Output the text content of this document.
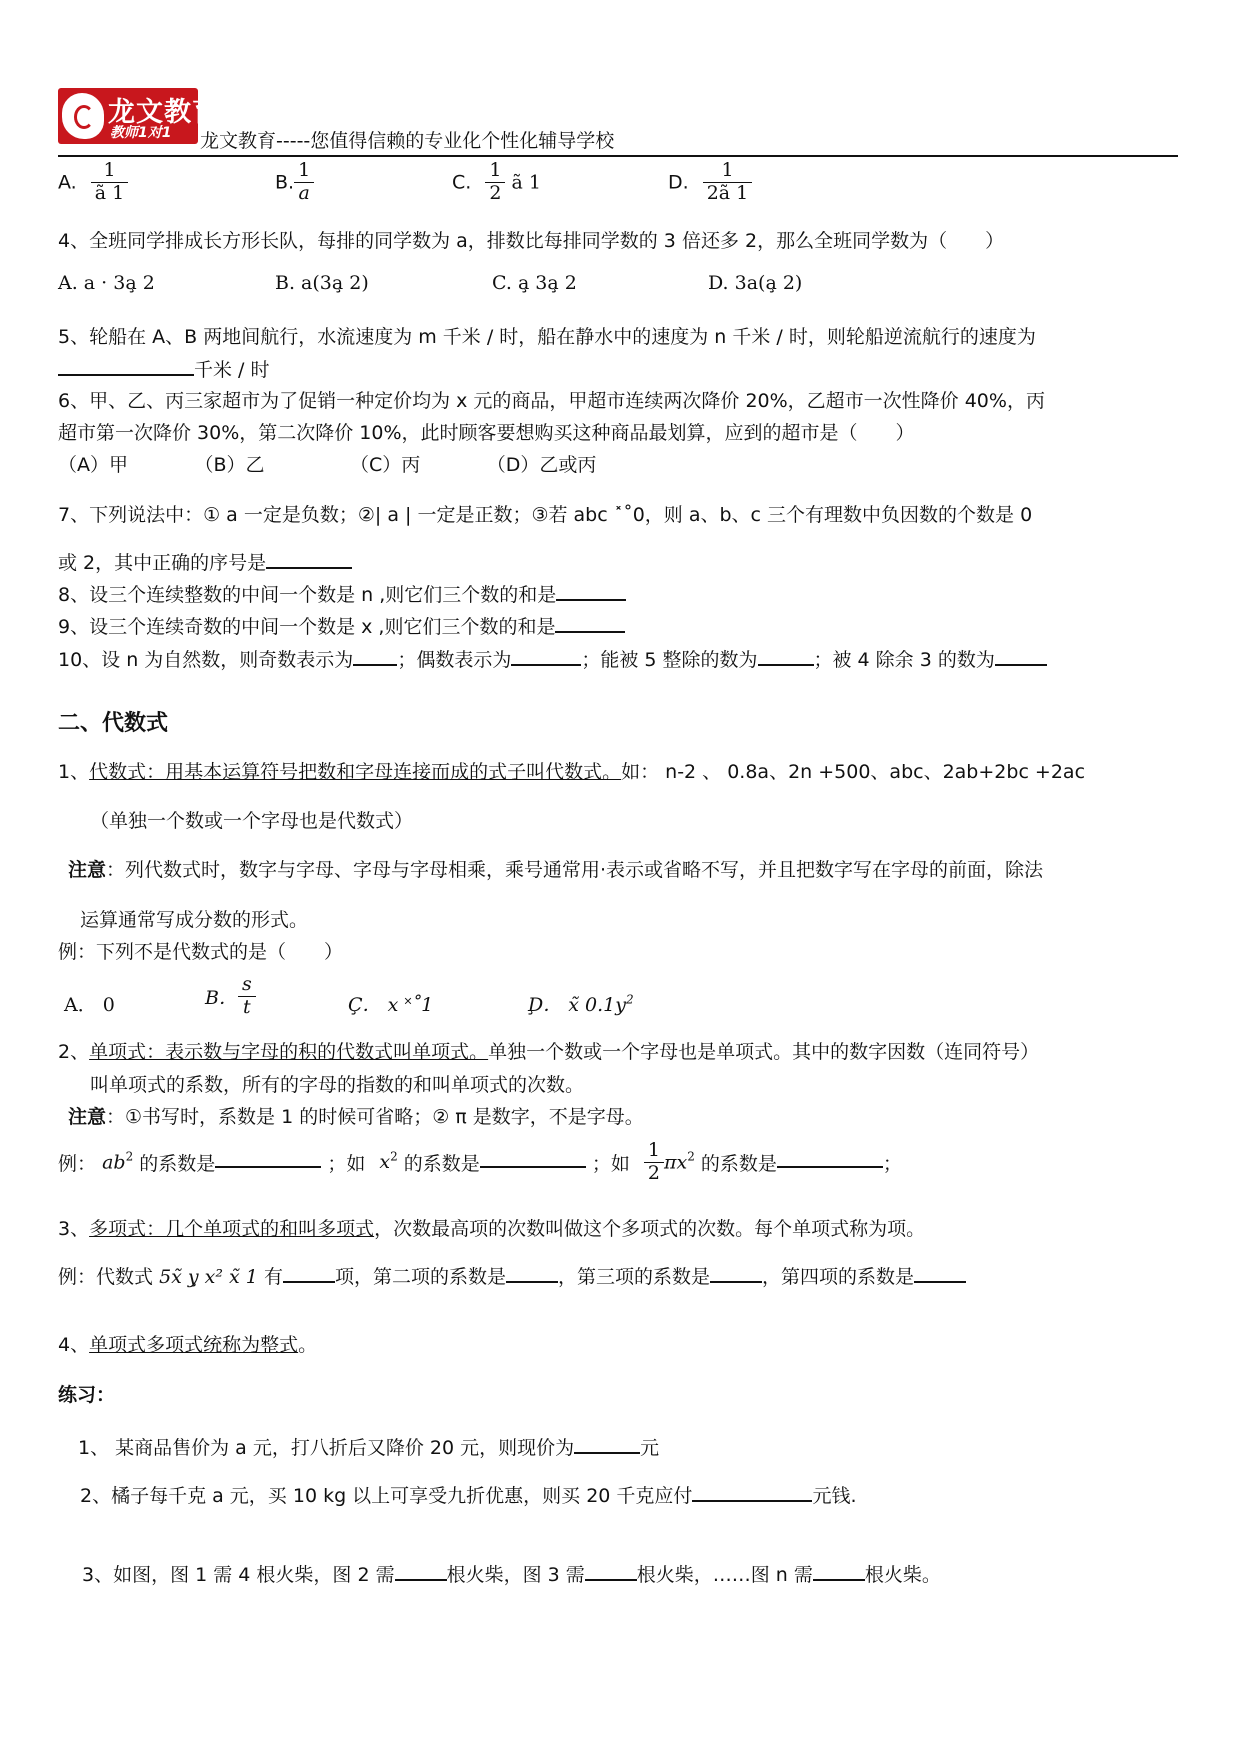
龙文教育
教师1对1 龙文教育-----您值得信赖的专业化个性化辅导学校
A. $\frac{1}{ã 1}$	B. $\frac{1}{a}$	C. $\frac{1}{2}$ ã 1	D. $\frac{1}{2ã 1}$
4、全班同学排成长方形长队，每排的同学数为 a，排数比每排同学数的 3 倍还多 2，那么全班同学数为（　　）
A. a · 3a̧ 2	B. a(3a̧ 2)	C. a̧ 3a̧ 2	D. 3a(a̧ 2)
5、轮船在 A、B 两地间航行，水流速度为 m 千米 / 时，船在静水中的速度为 n 千米 / 时，则轮船逆流航行的速度为
千米 / 时
6、甲、乙、丙三家超市为了促销一种定价均为 x 元的商品，甲超市连续两次降价 20%，乙超市一次性降价 40%，丙
超市第一次降价 30%，第二次降价 10%，此时顾客要想购买这种商品最划算，应到的超市是（　　）
（A）甲　　　　（B）乙　　　　　（C）丙　　　　（D）乙或丙
7、下列说法中：① a 一定是负数；②| a | 一定是正数；③若 abc ˟˚0，则 a、b、c 三个有理数中负因数的个数是 0
或 2，其中正确的序号是
8、设三个连续整数的中间一个数是 n ,则它们三个数的和是
9、设三个连续奇数的中间一个数是 x ,则它们三个数的和是
10、设 n 为自然数，则奇数表示为 ；偶数表示为	；能被 5 整除的数为	；被 4 除余 3 的数为
二、代数式
1、代数式：用基本运算符号把数和字母连接而成的式子叫代数式。如： n-2 、 0.8a、2n +500、abc、2ab+2bc +2ac
（单独一个数或一个字母也是代数式）
注意：列代数式时，数字与字母、字母与字母相乘，乘号通常用·表示或省略不写，并且把数字写在字母的前面，除法
运算通常写成分数的形式。
例：下列不是代数式的是（　　）
A． 0	B． $\frac{s}{t}$	Ç． x ˟˚1	Ḑ． x̃ $0.1y^2$
2、单项式：表示数与字母的积的代数式叫单项式。单独一个数或一个字母也是单项式。其中的数字因数（连同符号）
叫单项式的系数，所有的字母的指数的和叫单项式的次数。
注意：①书写时，系数是 1 的时候可省略；② π 是数字，不是字母。
例： $ab^2$ 的系数是	；如 $x^2$ 的系数是	；如 $\frac{1}{2} \pi x^2$ 的系数是	；
3、多项式：几个单项式的和叫多项式，次数最高项的次数叫做这个多项式的次数。每个单项式称为项。
例：代数式 5x̃ y̧ x² x̃ 1 有	项，第二项的系数是	，第三项的系数是	，第四项的系数是
4、单项式多项式统称为整式。
练习：
1、 某商品售价为 a 元，打八折后又降价 20 元，则现价为	元
2、橘子每千克 a 元，买 10 kg 以上可享受九折优惠，则买 20 千克应付	元钱.
3、如图，图 1 需 4 根火柴，图 2 需	根火柴，图 3 需	根火柴，……图 n 需	根火柴。
